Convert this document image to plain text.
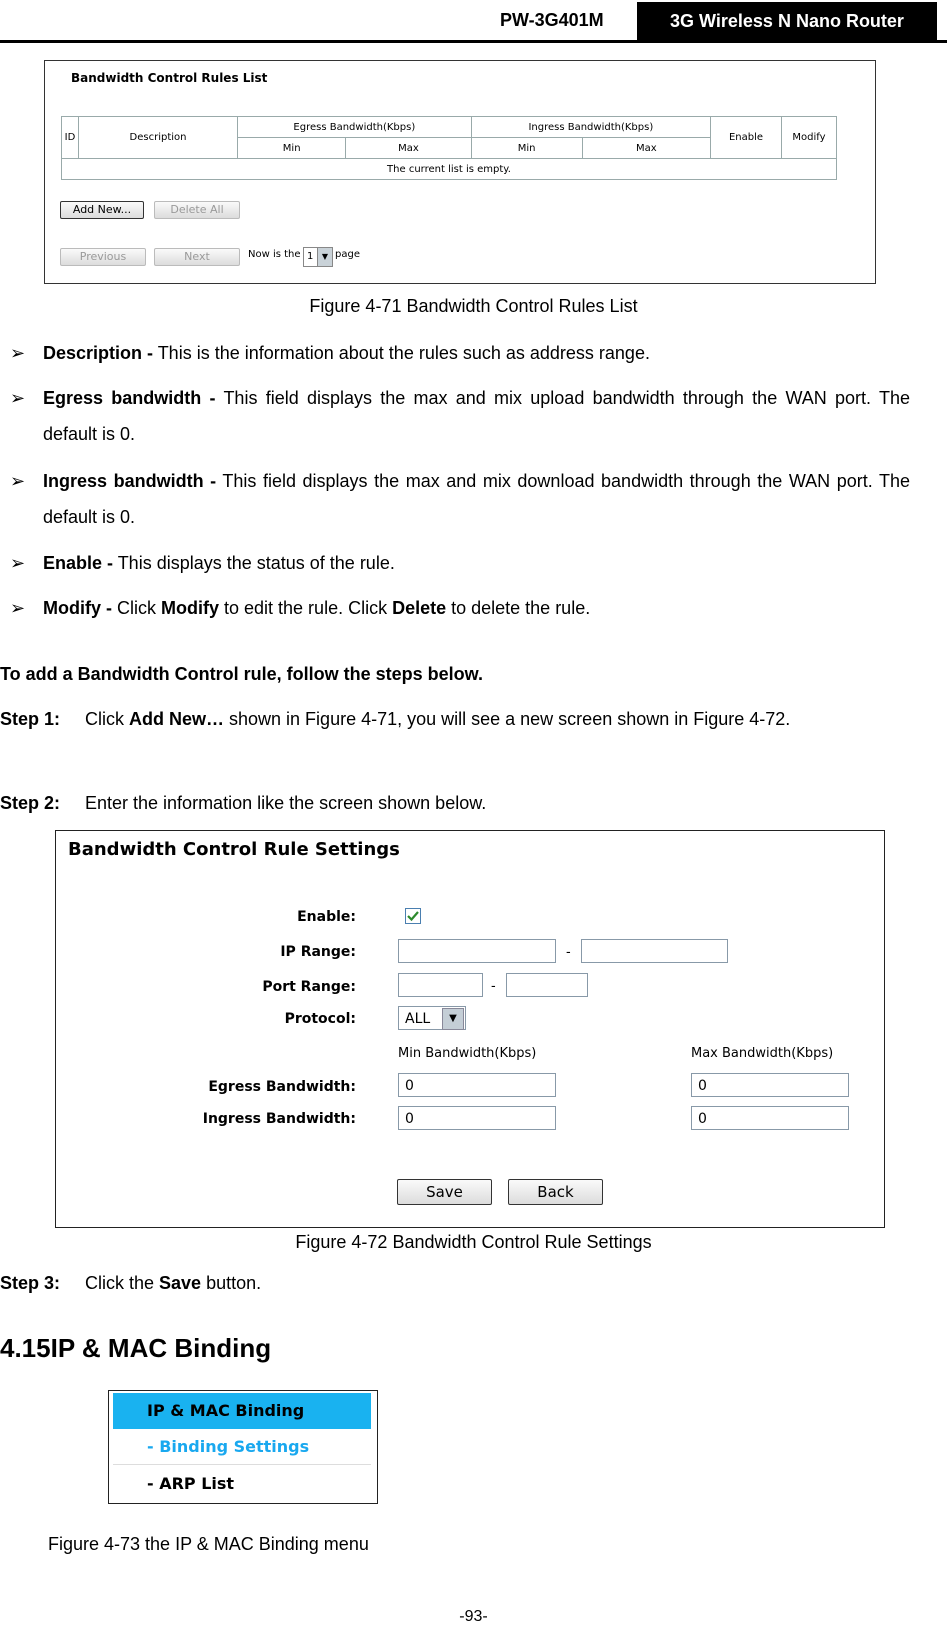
PW-3G401M	3G Wireless N Nano Router
Bandwidth Control Rules List
ID	Description	Egress Bandwidth(Kbps)		Ingress Bandwidth(Kbps)		Enable	Modify
		Min	Max	Min	Max		
The current list is empty.							
Add New...	Delete All
Previous	Next	Now is the 1	▼ page
Figure 4-71 Bandwidth Control Rules List
➢ Description - This is the information about the rules such as address range.
➢ Egress bandwidth - This field displays the max and mix upload bandwidth through the WAN port. The default is 0.
➢ Ingress bandwidth - This field displays the max and mix download bandwidth through the WAN port. The default is 0.
➢ Enable - This displays the status of the rule.
➢ Modify - Click Modify to edit the rule. Click Delete to delete the rule.
To add a Bandwidth Control rule, follow the steps below.
Step 1: Click Add New… shown in Figure 4-71, you will see a new screen shown in Figure 4-72.
Step 2: Enter the information like the screen shown below.
Bandwidth Control Rule Settings
Enable:
IP Range:	-
Port Range:	-
Protocol:	ALL	▼
Min Bandwidth(Kbps)	Max Bandwidth(Kbps)
Egress Bandwidth:	0	0
Ingress Bandwidth:	0	0
Save	Back
Figure 4-72 Bandwidth Control Rule Settings
Step 3: Click the Save button.
4.15IP & MAC Binding
IP & MAC Binding
- Binding Settings
- ARP List
Figure 4-73 the IP & MAC Binding menu
-93-
